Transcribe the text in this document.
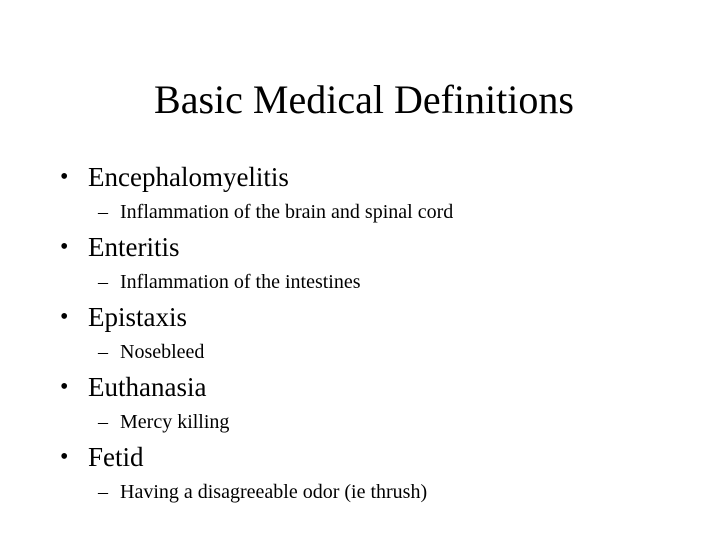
Basic Medical Definitions
• Encephalomyelitis
– Inflammation of the brain and spinal cord
• Enteritis
– Inflammation of the intestines
• Epistaxis
– Nosebleed
• Euthanasia
– Mercy killing
• Fetid
– Having a disagreeable odor (ie thrush)
